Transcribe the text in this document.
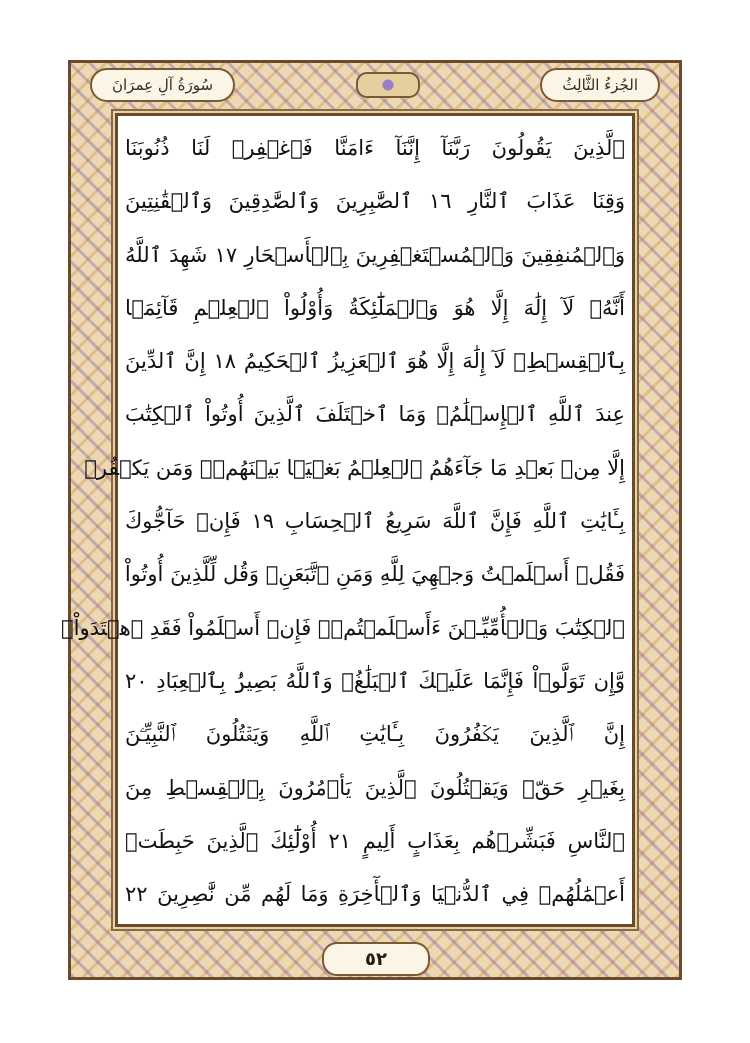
سُورَةُ آلِ عِمرَانَ	الجُزءُ الثَّالِثُ
ٱلَّذِينَ يَقُولُونَ رَبَّنَآ إِنَّنَآ ءَامَنَّا فَٱغۡفِرۡ لَنَا ذُنُوبَنَا
وَقِنَا عَذَابَ ٱلنَّارِ ١٦ ٱلصَّٰبِرِينَ وَٱلصَّٰدِقِينَ وَٱلۡقَٰنِتِينَ
وَٱلۡمُنفِقِينَ وَٱلۡمُسۡتَغۡفِرِينَ بِٱلۡأَسۡحَارِ ١٧ شَهِدَ ٱللَّهُ
أَنَّهُۥ لَآ إِلَٰهَ إِلَّا هُوَ وَٱلۡمَلَٰٓئِكَةُ وَأُوْلُواْ ٱلۡعِلۡمِ قَآئِمَۢا
بِٱلۡقِسۡطِۚ لَآ إِلَٰهَ إِلَّا هُوَ ٱلۡعَزِيزُ ٱلۡحَكِيمُ ١٨ إِنَّ ٱلدِّينَ
عِندَ ٱللَّهِ ٱلۡإِسۡلَٰمُۗ وَمَا ٱخۡتَلَفَ ٱلَّذِينَ أُوتُواْ ٱلۡكِتَٰبَ
إِلَّا مِنۢ بَعۡدِ مَا جَآءَهُمُ ٱلۡعِلۡمُ بَغۡيَۢا بَيۡنَهُمۡۗ وَمَن يَكۡفُرۡ
بِـَٔايَٰتِ ٱللَّهِ فَإِنَّ ٱللَّهَ سَرِيعُ ٱلۡحِسَابِ ١٩ فَإِنۡ حَآجُّوكَ
فَقُلۡ أَسۡلَمۡتُ وَجۡهِيَ لِلَّهِ وَمَنِ ٱتَّبَعَنِۗ وَقُل لِّلَّذِينَ أُوتُواْ
ٱلۡكِتَٰبَ وَٱلۡأُمِّيِّـۧنَ ءَأَسۡلَمۡتُمۡۚ فَإِنۡ أَسۡلَمُواْ فَقَدِ ٱهۡتَدَواْۖ
وَّإِن تَوَلَّوۡاْ فَإِنَّمَا عَلَيۡكَ ٱلۡبَلَٰغُۗ وَٱللَّهُ بَصِيرُۢ بِٱلۡعِبَادِ ٢٠
إِنَّ ٱلَّذِينَ يَكۡفُرُونَ بِـَٔايَٰتِ ٱللَّهِ وَيَقۡتُلُونَ ٱلنَّبِيِّـۧنَ
بِغَيۡرِ حَقّٖ وَيَقۡتُلُونَ ٱلَّذِينَ يَأۡمُرُونَ بِٱلۡقِسۡطِ مِنَ
ٱلنَّاسِ فَبَشِّرۡهُم بِعَذَابٍ أَلِيمٍ ٢١ أُوْلَٰٓئِكَ ٱلَّذِينَ حَبِطَتۡ
أَعۡمَٰلُهُمۡ فِي ٱلدُّنۡيَا وَٱلۡأٓخِرَةِ وَمَا لَهُم مِّن نَّٰصِرِينَ ٢٢
٥٢
